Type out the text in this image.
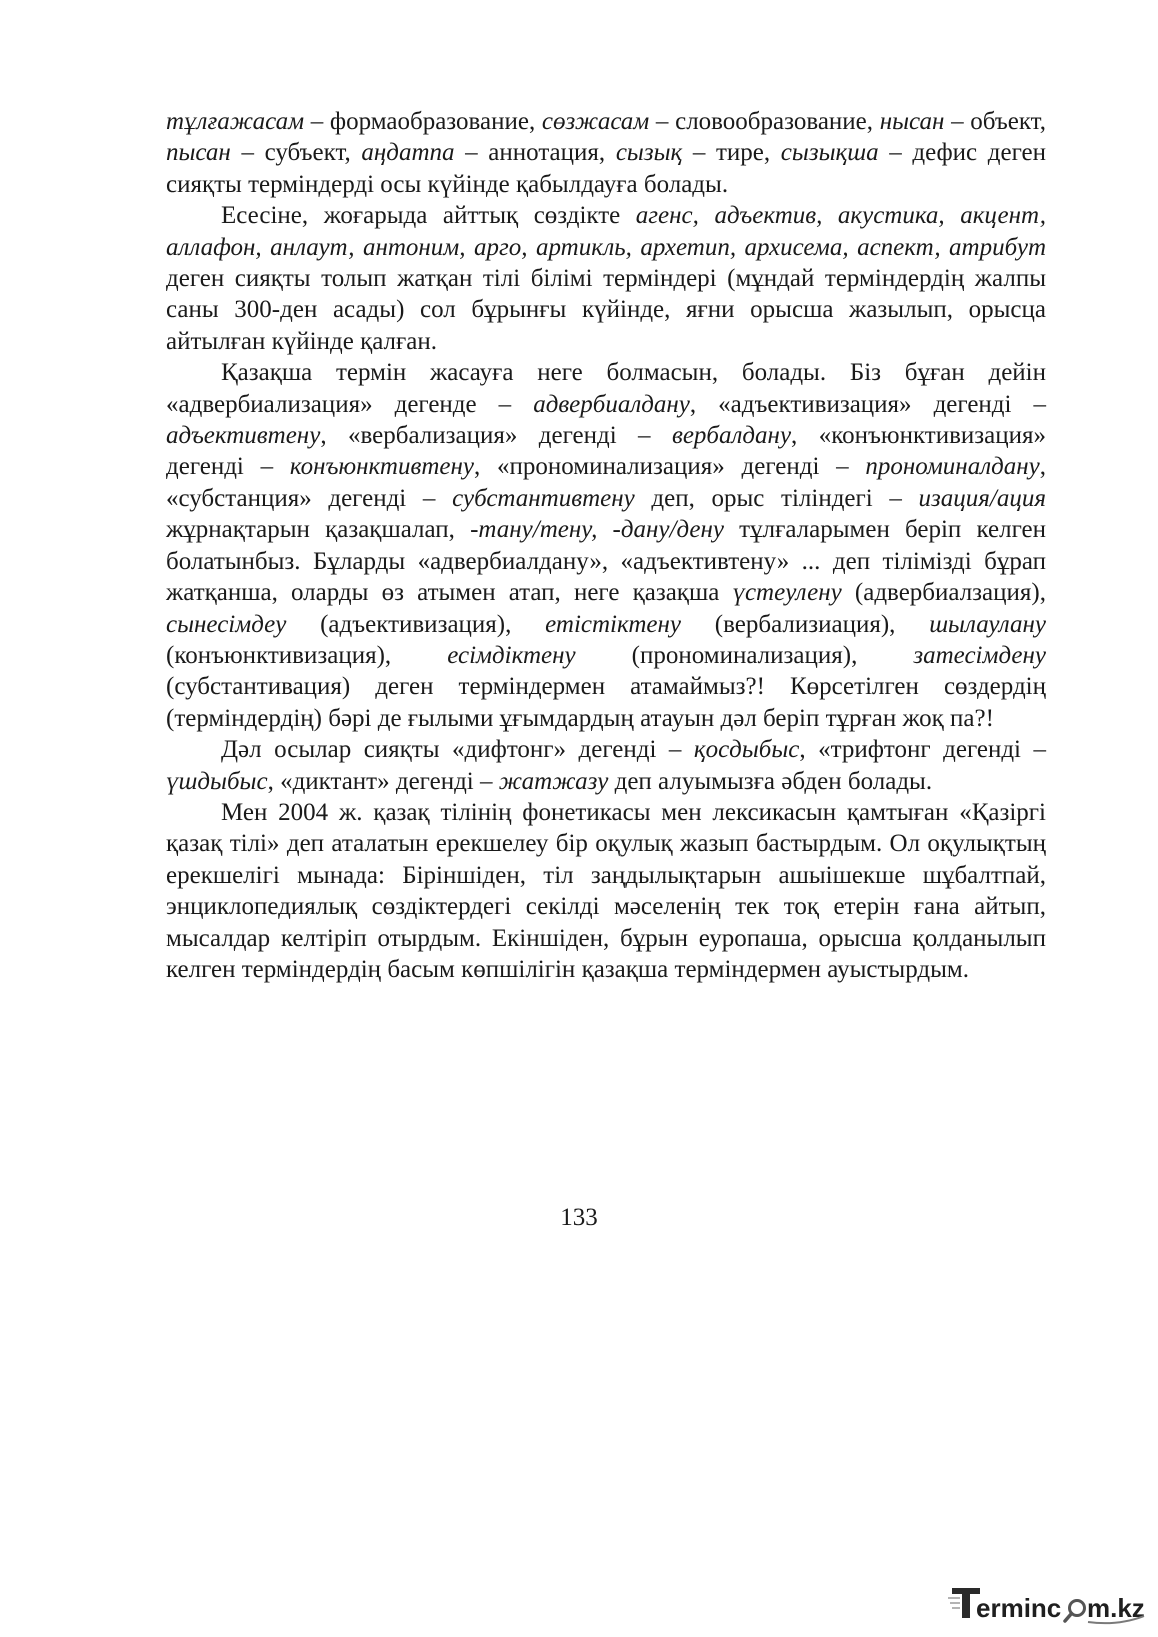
тұлғажасам – формаобразование, сөзжасам – словообразование, нысан – объект, пысан – субъект, аңдатпа – аннотация, сызық – тире, сызықша – дефис деген сияқты терміндерді осы күйінде қабылдауға болады.

Есесіне, жоғарыда айттық сөздікте агенс, адъектив, акустика, акцент, аллафон, анлаут, антоним, арго, артикль, архетип, архисема, аспект, атрибут деген сияқты толып жатқан тілі білімі терміндері (мұндай терміндердің жалпы саны 300-ден асады) сол бұрынғы күйінде, яғни орысша жазылып, орысца айтылған күйінде қалған.

Қазақша термін жасауға неге болмасын, болады. Біз бұған дейін «адвербиализация» дегенде – адвербиалдану, «адъективизация» дегенді – адъективтену, «вербализация» дегенді – вербалдану, «конъюнктивизация» дегенді – конъюнктивтену, «прономинализация» дегенді – прономиналдану, «субстанция» дегенді – субстантивтену деп, орыс тіліндегі – изация/ация жұрнақтарын қазақшалап, -тану/тену, -дану/дену тұлғаларымен беріп келген болатынбыз. Бұларды «адвербиалдану», «адъективтену» ... деп тілімізді бұрап жатқанша, оларды өз атымен атап, неге қазақша үстеулену (адвербиалзация), сынесімдеу (адъективизация), етістіктену (вербализиация), шылаулану (конъюнктивизация), есімдіктену (прономинализация), затесімдену (субстантивация) деген терміндермен атамаймыз?! Көрсетілген сөздердің (терміндердің) бәрі де ғылыми ұғымдардың атауын дәл беріп тұрған жоқ па?!

Дәл осылар сияқты «дифтонг» дегенді – қосдыбыс, «трифтонг дегенді – үшдыбыс, «диктант» дегенді – жатжазу деп алуымызға әбден болады.

Мен 2004 ж. қазақ тілінің фонетикасы мен лексикасын қамтыған «Қазіргі қазақ тілі» деп аталатын ерекшелеу бір оқулық жазып бастырдым. Ол оқулықтың ерекшелігі мынада: Біріншіден, тіл заңдылықтарын ашыішекше шұбалтпай, энциклопедиялық сөздіктердегі секілді мәселенің тек тоқ етерін ғана айтып, мысалдар келтіріп отырдым. Екіншіден, бұрын еуропаша, орысша қолданылып келген терміндердің басым көпшілігін қазақша терміндермен ауыстырдым.

133
erminc m.kz
